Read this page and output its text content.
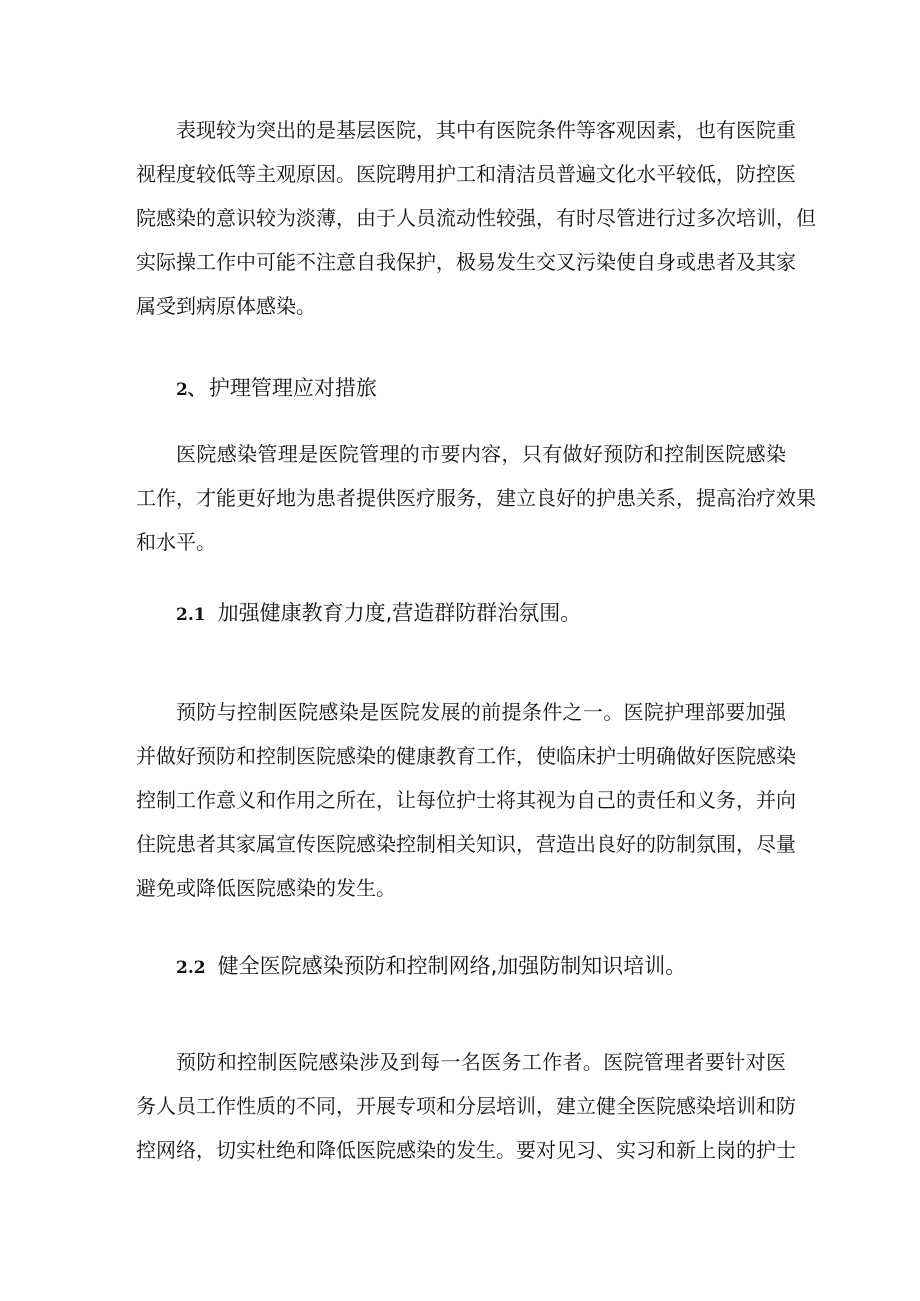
表现较为突出的是基层医院，其中有医院条件等客观因素，也有医院重
视程度较低等主观原因。医院聘用护工和清洁员普遍文化水平较低，防控医
院感染的意识较为淡薄，由于人员流动性较强，有时尽管进行过多次培训，但
实际操工作中可能不注意自我保护，极易发生交叉污染使自身或患者及其家
属受到病原体感染。

2、 护理管理应对措旅

医院感染管理是医院管理的市要内容，只有做好预防和控制医院感染
工作，才能更好地为患者提供医疗服务，建立良好的护患关系，提高治疗效果
和水平。

2.1 加强健康教育力度,营造群防群治氛围。

预防与控制医院感染是医院发展的前提条件之一。医院护理部要加强
并做好预防和控制医院感染的健康教育工作，使临床护士明确做好医院感染
控制工作意义和作用之所在，让每位护士将其视为自己的责任和义务，并向
住院患者其家属宣传医院感染控制相关知识，营造出良好的防制氛围，尽量
避免或降低医院感染的发生。

2.2 健全医院感染预防和控制网络,加强防制知识培训。

预防和控制医院感染涉及到每一名医务工作者。医院管理者要针对医
务人员工作性质的不同，开展专项和分层培训，建立健全医院感染培训和防
控网络，切实杜绝和降低医院感染的发生。要对见习、实习和新上岗的护士
